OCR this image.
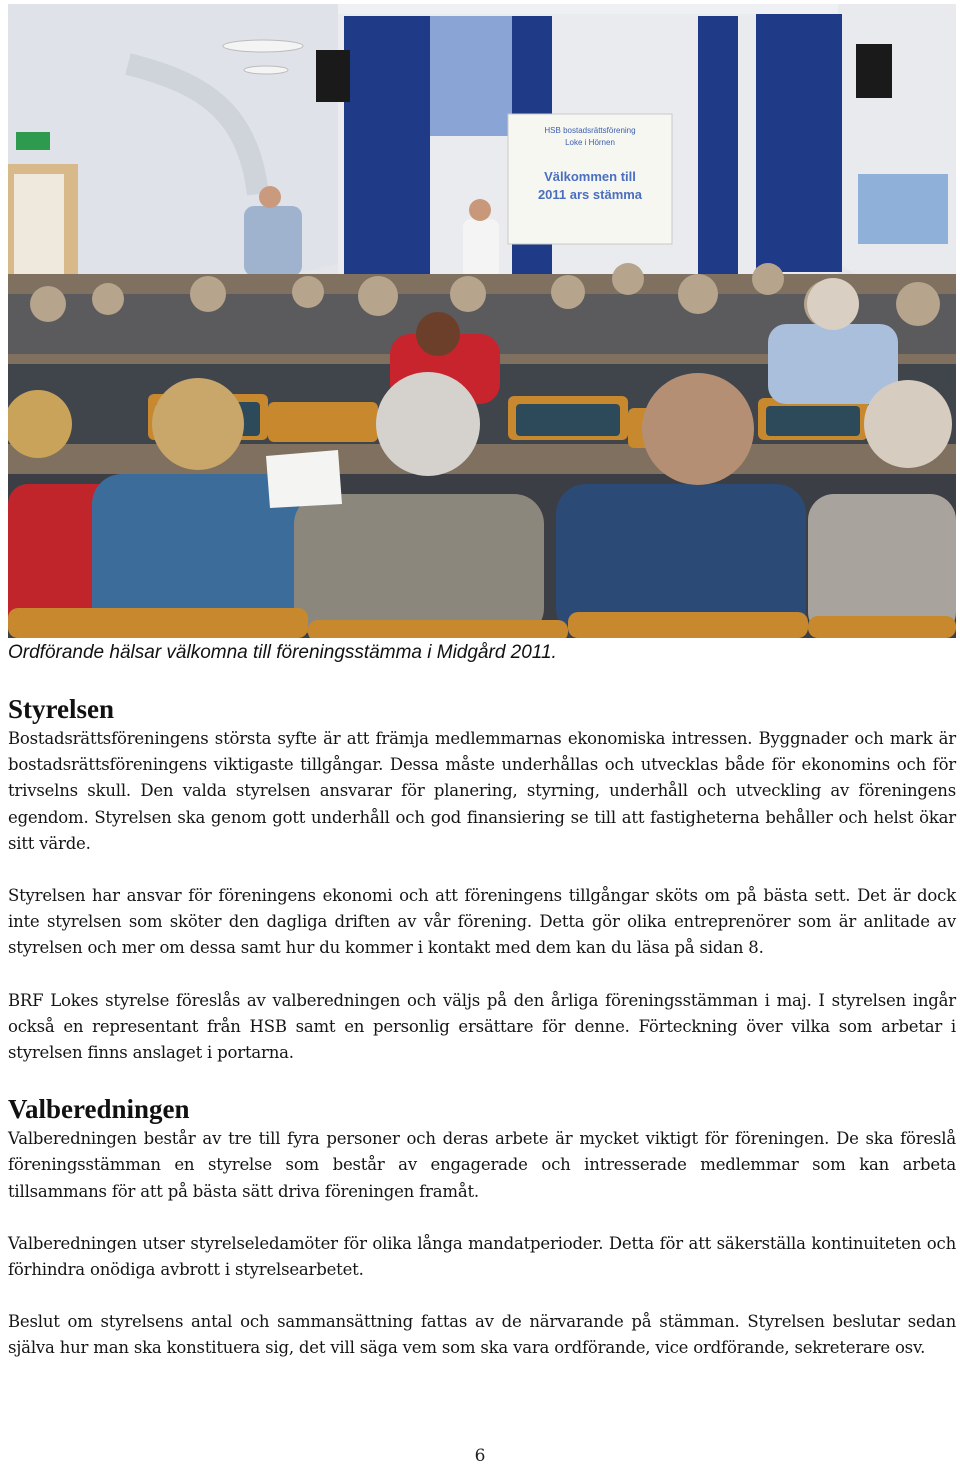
HSB bostadsrättsförening
Loke i Hörnen
Välkommen till
2011 ars stämma
Ordförande hälsar välkomna till föreningsstämma i Midgård 2011.
Styrelsen

Bostadsrättsföreningens största syfte är att främja medlemmarnas ekonomiska intressen. Byggnader och mark är bostadsrättsföreningens viktigaste tillgångar. Dessa måste underhållas och utvecklas både för ekonomins och för trivselns skull. Den valda styrelsen ansvarar för planering, styrning, underhåll och utveckling av föreningens egendom. Styrelsen ska genom gott underhåll och god finansiering se till att fastigheterna behåller och helst ökar sitt värde.

Styrelsen har ansvar för föreningens ekonomi och att föreningens tillgångar sköts om på bästa sett. Det är dock inte styrelsen som sköter den dagliga driften av vår förening. Detta gör olika entreprenörer som är anlitade av styrelsen och mer om dessa samt hur du kommer i kontakt med dem kan du läsa på sidan 8.

BRF Lokes styrelse föreslås av valberedningen och väljs på den årliga föreningsstämman i maj. I styrelsen ingår också en representant från HSB samt en personlig ersättare för denne. Förteckning över vilka som arbetar i styrelsen finns anslaget i portarna.

Valberedningen

Valberedningen består av tre till fyra personer och deras arbete är mycket viktigt för föreningen. De ska föreslå föreningsstämman en styrelse som består av engagerade och intresserade medlemmar som kan arbeta tillsammans för att på bästa sätt driva föreningen framåt.

Valberedningen utser styrelseledamöter för olika långa mandatperioder. Detta för att säkerställa kontinuiteten och förhindra onödiga avbrott i styrelsearbetet.

Beslut om styrelsens antal och sammansättning fattas av de närvarande på stämman. Styrelsen beslutar sedan själva hur man ska konstituera sig, det vill säga vem som ska vara ordförande, vice ordförande, sekreterare osv.

6
